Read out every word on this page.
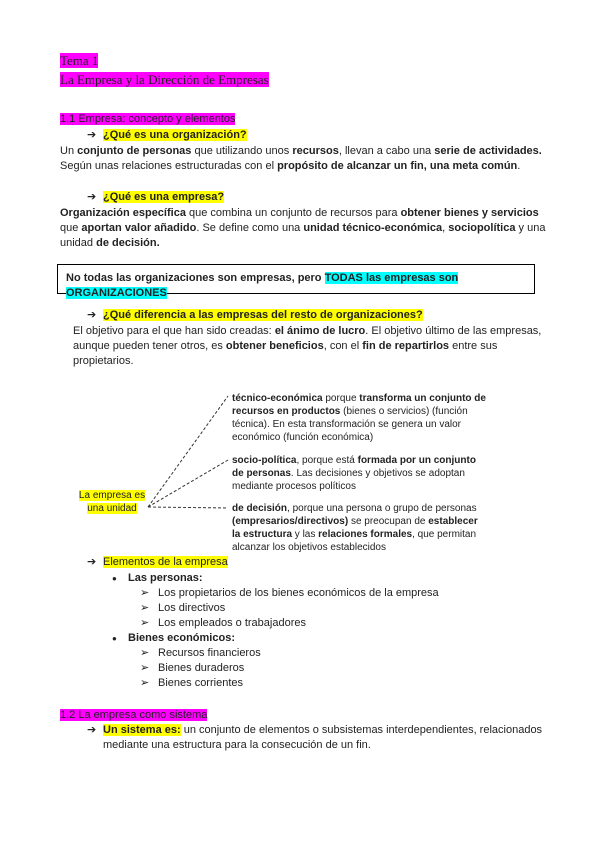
Tema 1
La Empresa y la Dirección de Empresas
1.1 Empresa: concepto y elementos
➔ ¿Qué es una organización?
Un conjunto de personas que utilizando unos recursos, llevan a cabo una serie de actividades.
Según unas relaciones estructuradas con el propósito de alcanzar un fin, una meta común.
➔ ¿Qué es una empresa?
Organización específica que combina un conjunto de recursos para obtener bienes y servicios
que aportan valor añadido. Se define como una unidad técnico-económica, sociopolítica y una
unidad de decisión.
No todas las organizaciones son empresas, pero TODAS las empresas son ORGANIZACIONES
➔ ¿Qué diferencia a las empresas del resto de organizaciones?
El objetivo para el que han sido creadas: el ánimo de lucro. El objetivo último de las empresas,
aunque pueden tener otros, es obtener beneficios, con el fin de repartirlos entre sus
propietarios.
La empresa es
una unidad
técnico-económica porque transforma un conjunto de
recursos en productos (bienes o servicios) (función
técnica). En esta transformación se genera un valor
económico (función económica)
socio-política, porque está formada por un conjunto
de personas. Las decisiones y objetivos se adoptan
mediante procesos políticos
de decisión, porque una persona o grupo de personas
(empresarios/directivos) se preocupan de establecer
la estructura y las relaciones formales, que permitan
alcanzar los objetivos establecidos
➔ Elementos de la empresa
● Las personas:
➢ Los propietarios de los bienes económicos de la empresa
➢ Los directivos
➢ Los empleados o trabajadores
● Bienes económicos:
➢ Recursos financieros
➢ Bienes duraderos
➢ Bienes corrientes
1.2 La empresa como sistema
➔ Un sistema es: un conjunto de elementos o subsistemas interdependientes, relacionados
mediante una estructura para la consecución de un fin.
